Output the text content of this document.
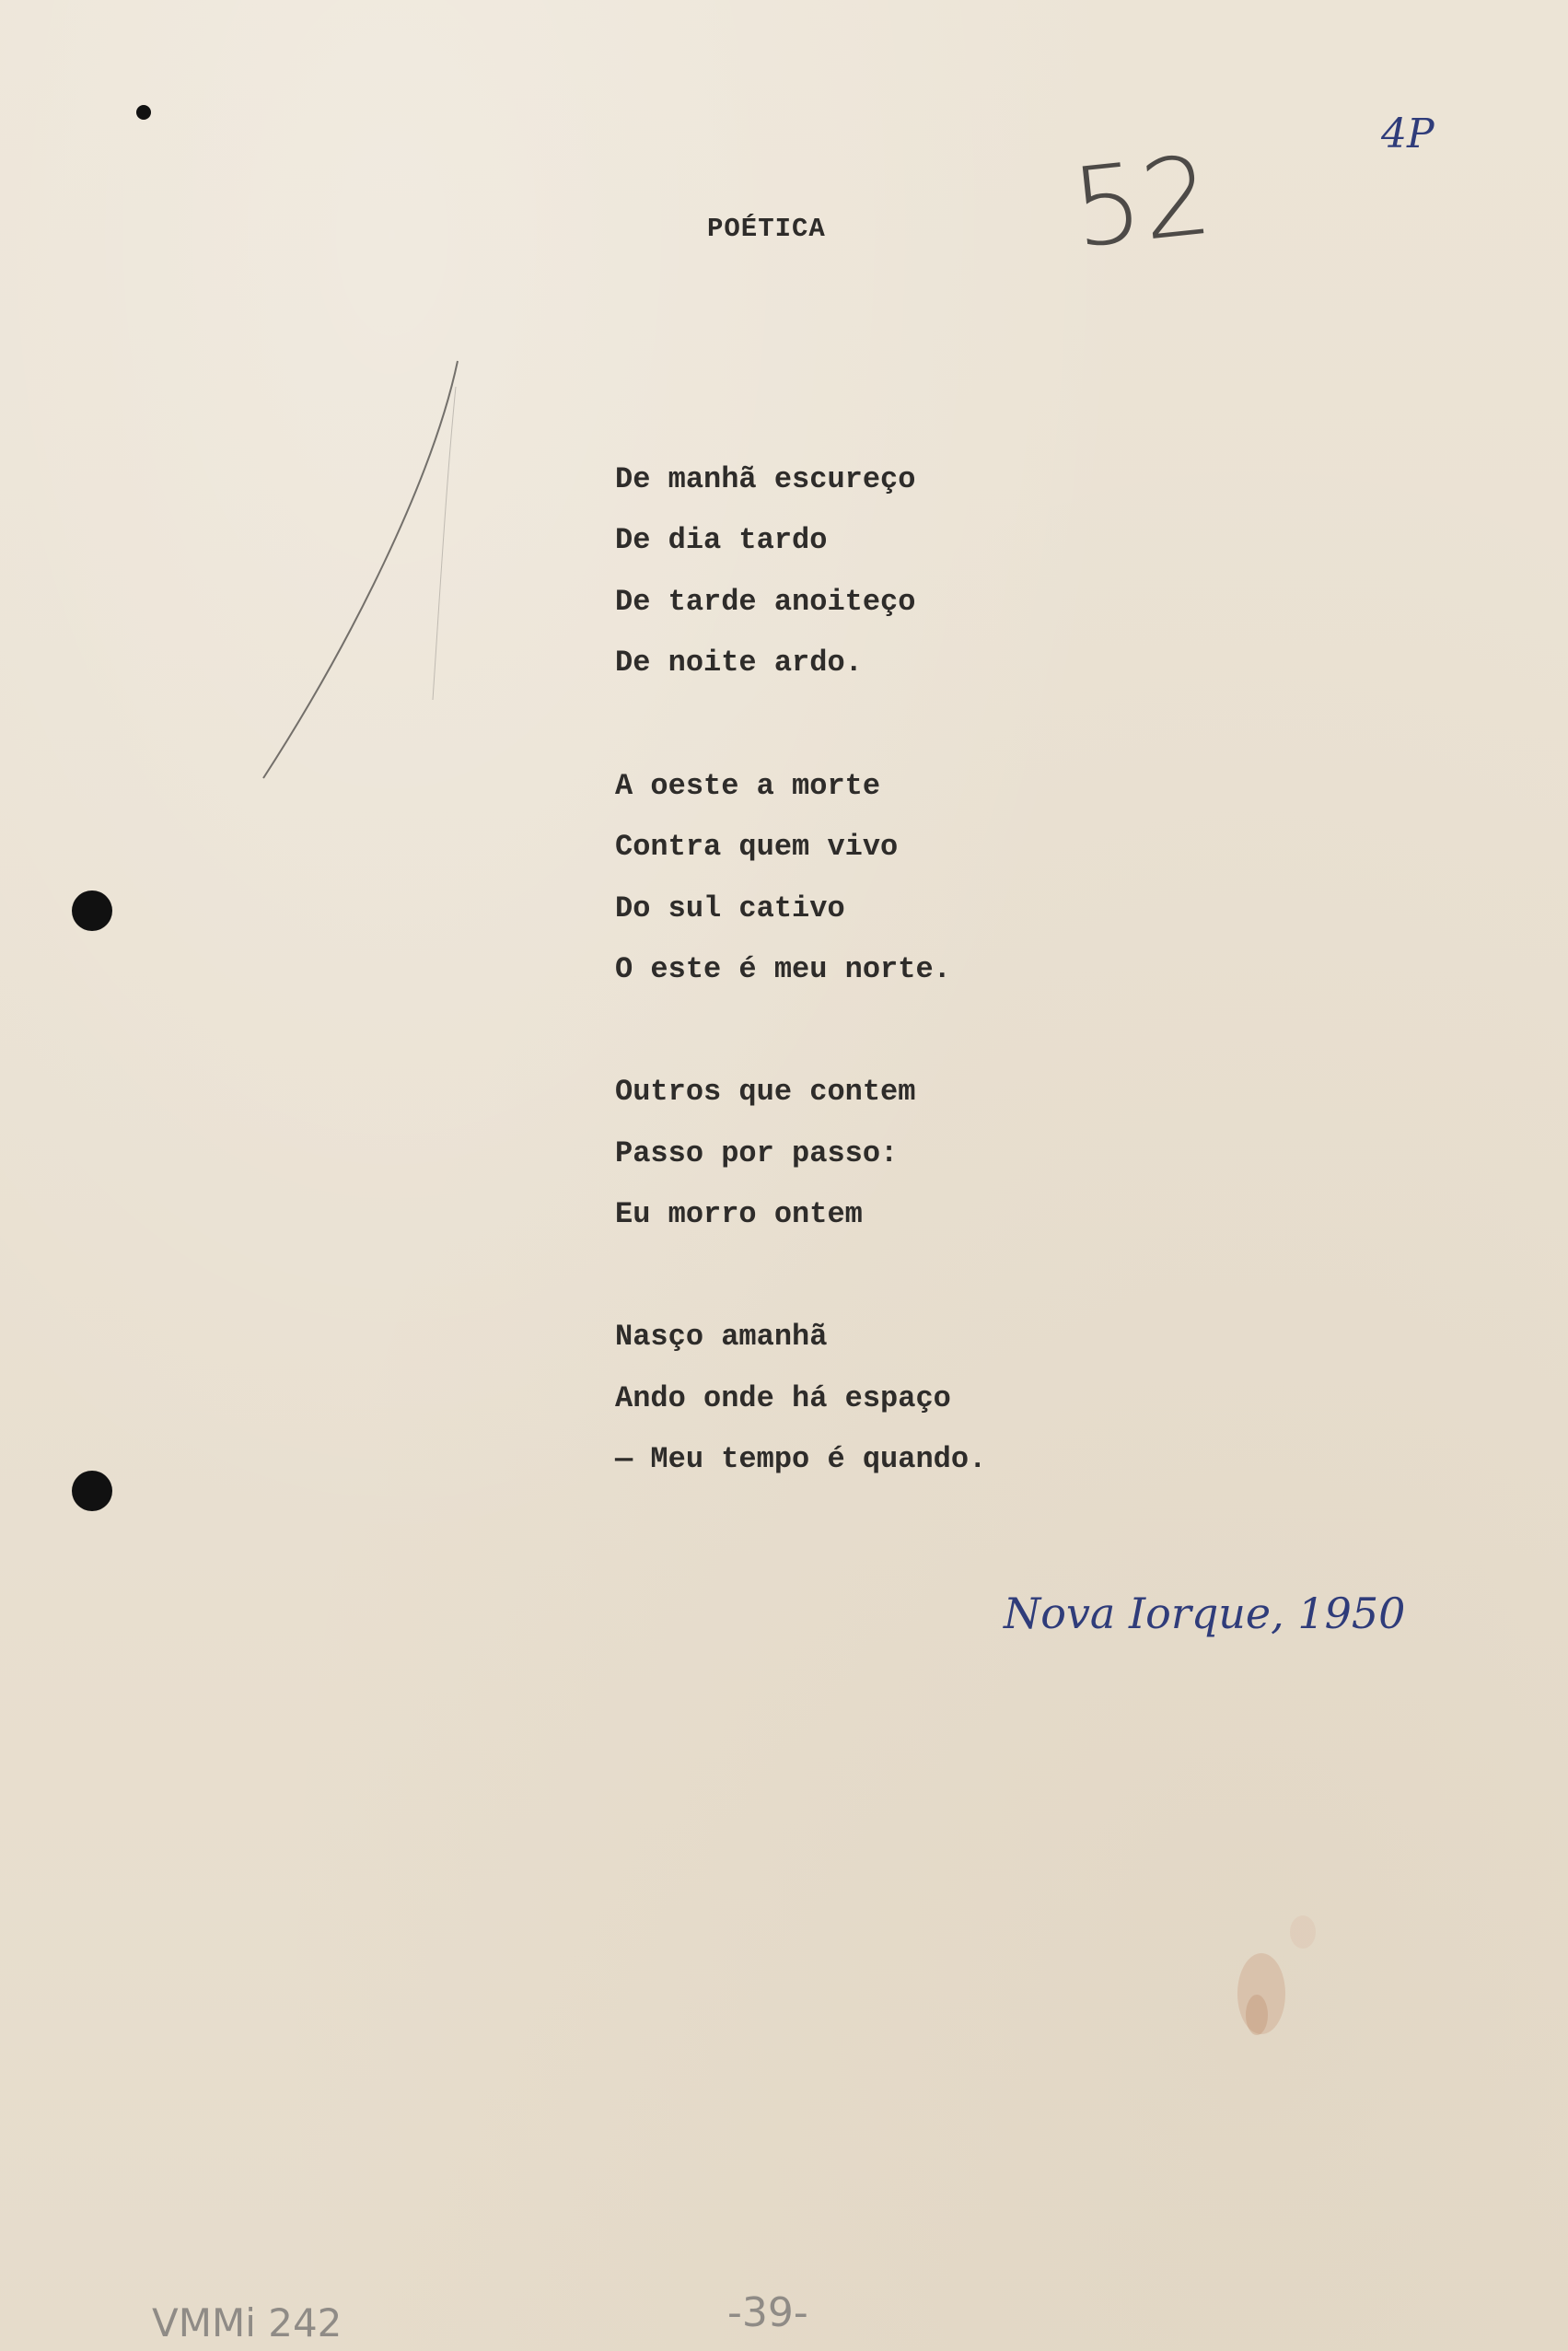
POÉTICA
De manhã escureço
De dia tardo
De tarde anoiteço
De noite ardo.
A oeste a morte
Contra quem vivo
Do sul cativo
O este é meu norte.
Outros que contem
Passo por passo:
Eu morro ontem
Nasço amanhã
Ando onde há espaço
— Meu tempo é quando.
52	4P
Nova Iorque, 1950
VMMi 242	-39-
